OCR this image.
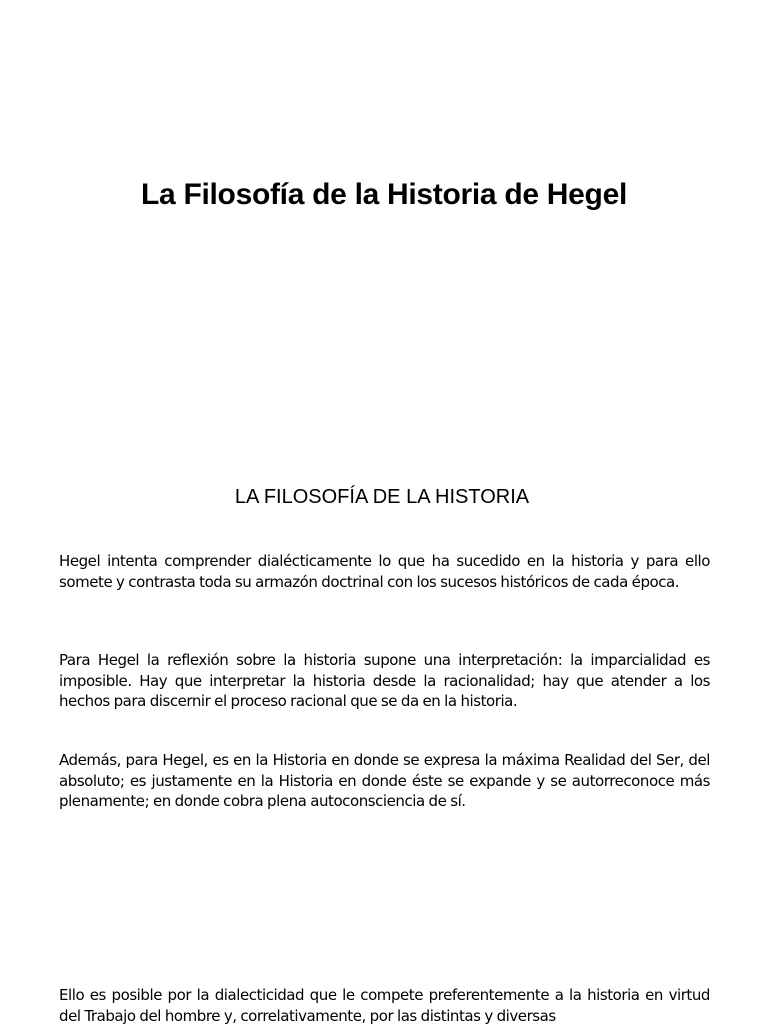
La Filosofía de la Historia de Hegel
LA FILOSOFÍA DE LA HISTORIA

Hegel intenta comprender dialécticamente lo que ha sucedido en la historia y para ello somete y contrasta toda su armazón doctrinal con los sucesos históricos de cada época.

Para Hegel la reflexión sobre la historia supone una interpretación: la imparcialidad es imposible. Hay que interpretar la historia desde la racionalidad; hay que atender a los hechos para discernir el proceso racional que se da en la historia.

Además, para Hegel, es en la Historia en donde se expresa la máxima Realidad del Ser, del absoluto; es justamente en la Historia en donde éste se expande y se autorreconoce más plenamente; en donde cobra plena autoconsciencia de sí.

Ello es posible por la dialecticidad que le compete preferentemente a la historia en virtud del Trabajo del hombre y, correlativamente, por las distintas y diversas
